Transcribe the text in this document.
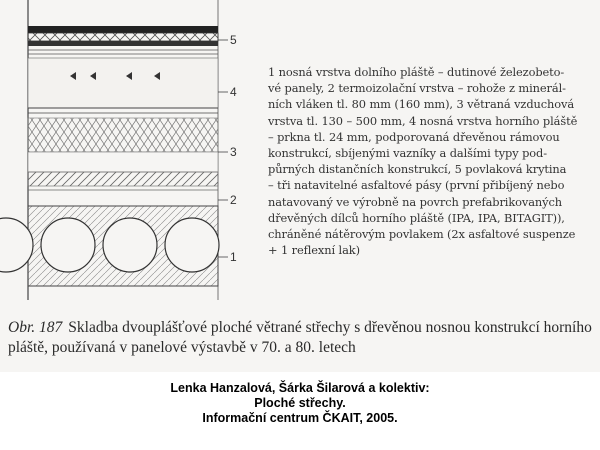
5
4
3
2
1
1 nosná vrstva dolního pláště – dutinové železobeto-
vé panely, 2 termoizolační vrstva – rohože z minerál-
ních vláken tl. 80 mm (160 mm), 3 větraná vzduchová
vrstva tl. 130 – 500 mm, 4 nosná vrstva horního pláště
– prkna tl. 24 mm, podporovaná dřevěnou rámovou
konstrukcí, sbíjenými vazníky a dalšími typy pod-
půrných distančních konstrukcí, 5 povlaková krytina
– tři natavitelné asfaltové pásy (první přibíjený nebo
natavovaný ve výrobně na povrch prefabrikovaných
dřevěných dílců horního pláště (IPA, IPA, BITAGIT)),
chráněné nátěrovým povlakem (2x asfaltové suspenze
+ 1 reflexní lak)
Obr. 187 Skladba dvouplášťové ploché větrané střechy s dřevěnou nosnou konstrukcí horního pláště, používaná v panelové výstavbě v 70. a 80. letech
Lenka Hanzalová, Šárka Šilarová a kolektiv:
Ploché střechy.
Informační centrum ČKAIT, 2005.
